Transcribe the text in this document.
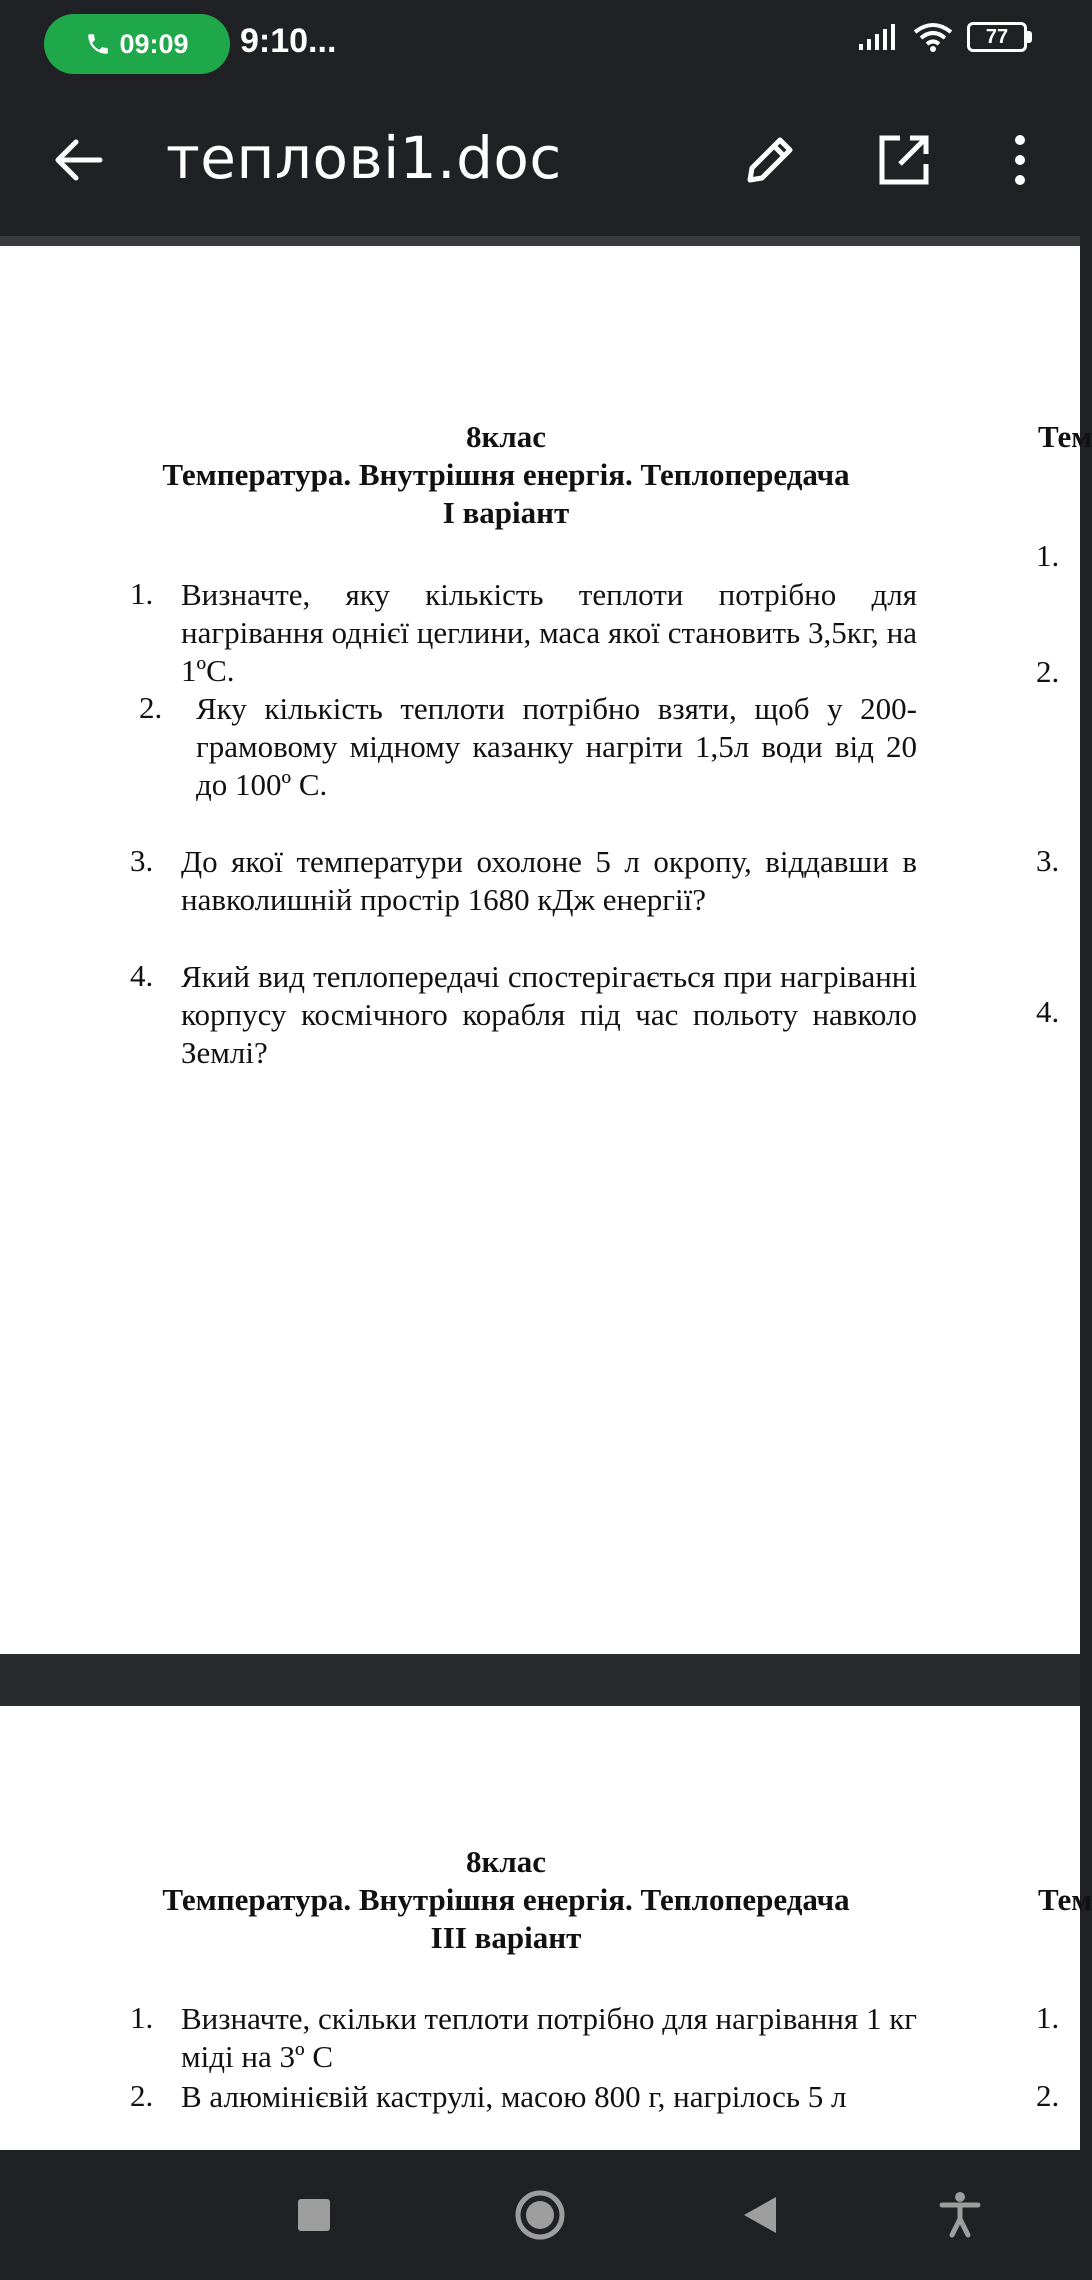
09:09 9:10...	77
теплові1.doc
8клас
Температура. Внутрішня енергія. Теплопередача
I варіант
Тем
1. Визначте, яку кількість теплоти потрібно для нагрівання однієї цеглини, маса якої становить 3,5кг, на 1ºС.
2. Яку кількість теплоти потрібно взяти, щоб у 200-грамовому мідному казанку нагріти 1,5л води від 20 до 100º С.
3. До якої температури охолоне 5 л окропу, віддавши в навколишній простір 1680 кДж енергії?
4. Який вид теплопередачі спостерігається при нагріванні корпусу космічного корабля під час польоту навколо Землі?
1.
2.
3.
4.
8клас
Температура. Внутрішня енергія. Теплопередача
III варіант
Тем
1. Визначте, скільки теплоти потрібно для нагрівання 1 кг міді на 3º С
2. В алюмінієвій каструлі, масою 800 г, нагрілось 5 л
1.
2.
